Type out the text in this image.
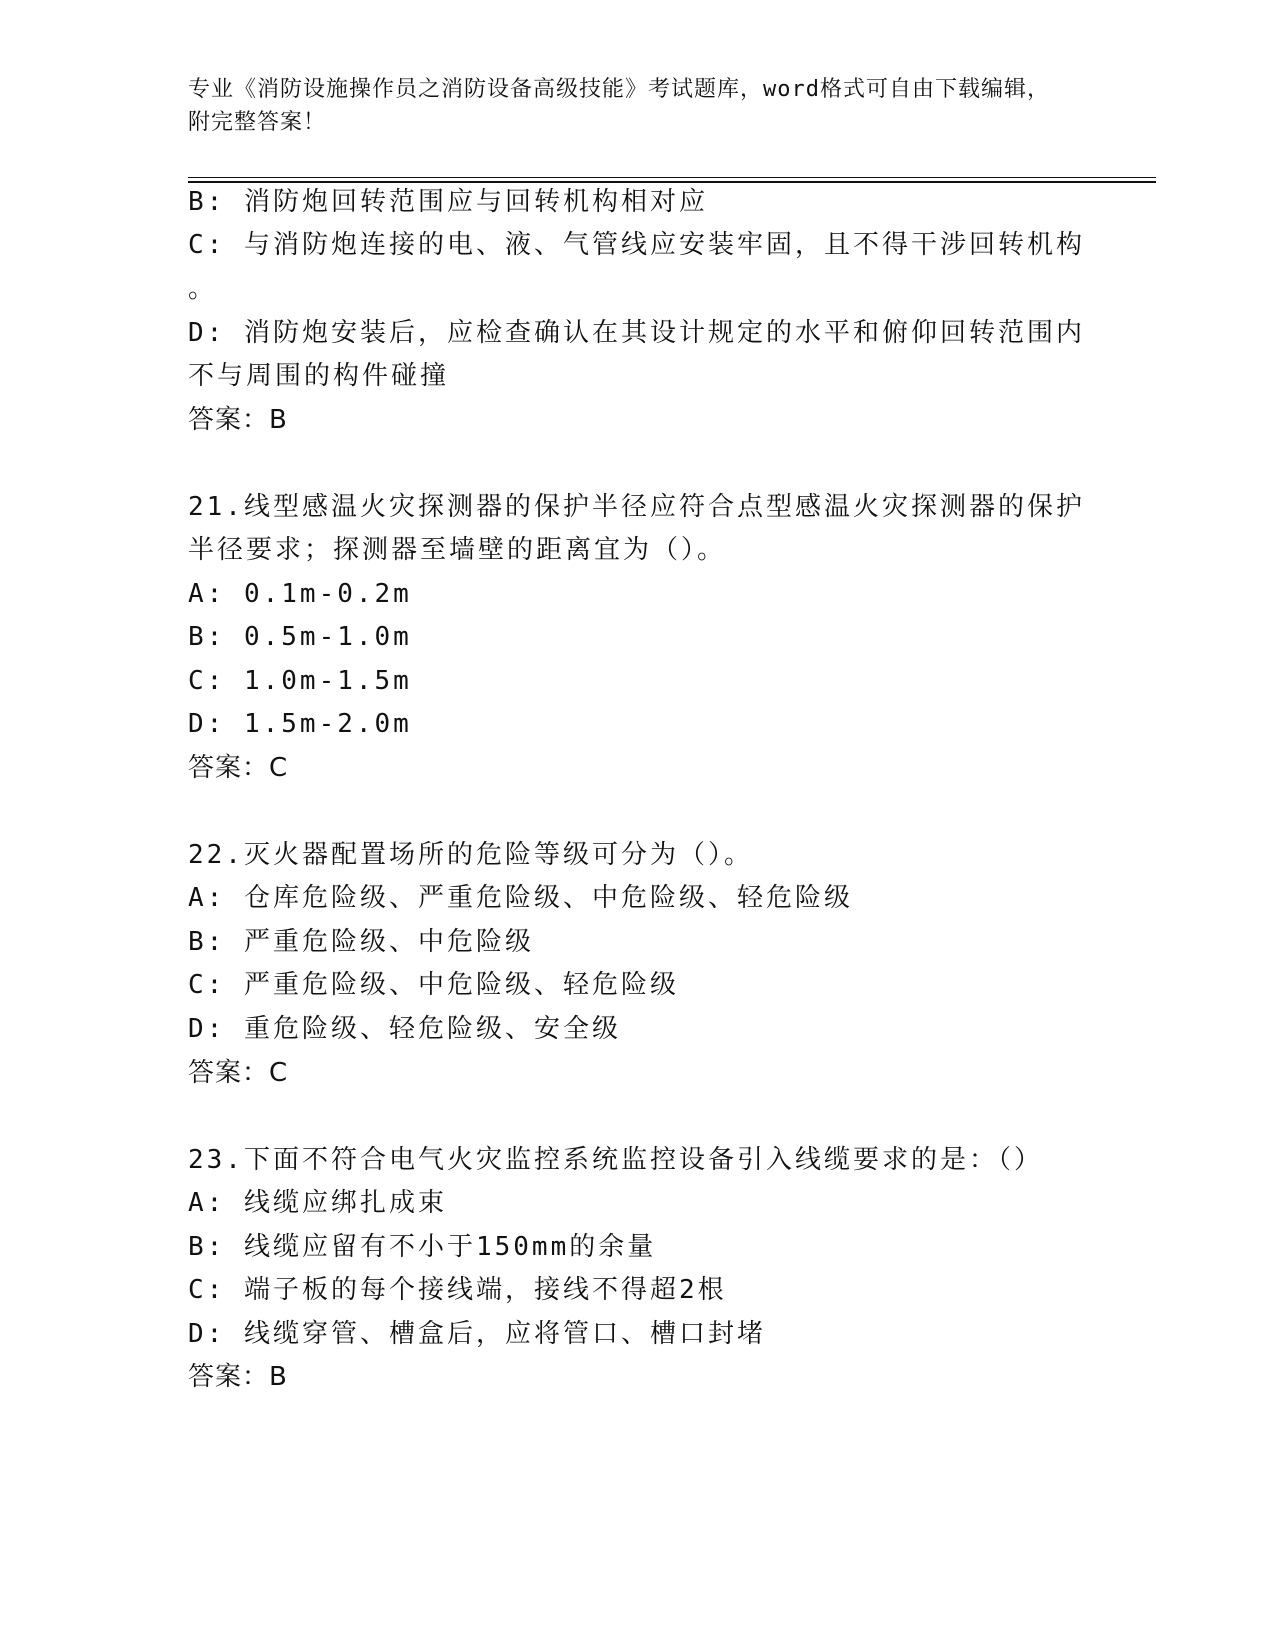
专业《消防设施操作员之消防设备高级技能》考试题库，word格式可自由下载编辑，附完整答案！
B: 消防炮回转范围应与回转机构相对应
C: 与消防炮连接的电、液、气管线应安装牢固，且不得干涉回转机构
。
D: 消防炮安装后，应检查确认在其设计规定的水平和俯仰回转范围内
不与周围的构件碰撞
答案：B
21.线型感温火灾探测器的保护半径应符合点型感温火灾探测器的保护
半径要求；探测器至墙壁的距离宜为（）。
A: 0.1m-0.2m
B: 0.5m-1.0m
C: 1.0m-1.5m
D: 1.5m-2.0m
答案：C
22.灭火器配置场所的危险等级可分为（）。
A: 仓库危险级、严重危险级、中危险级、轻危险级
B: 严重危险级、中危险级
C: 严重危险级、中危险级、轻危险级
D: 重危险级、轻危险级、安全级
答案：C
23.下面不符合电气火灾监控系统监控设备引入线缆要求的是：（）
A: 线缆应绑扎成束
B: 线缆应留有不小于150mm的余量
C: 端子板的每个接线端，接线不得超2根
D: 线缆穿管、槽盒后，应将管口、槽口封堵
答案：B
